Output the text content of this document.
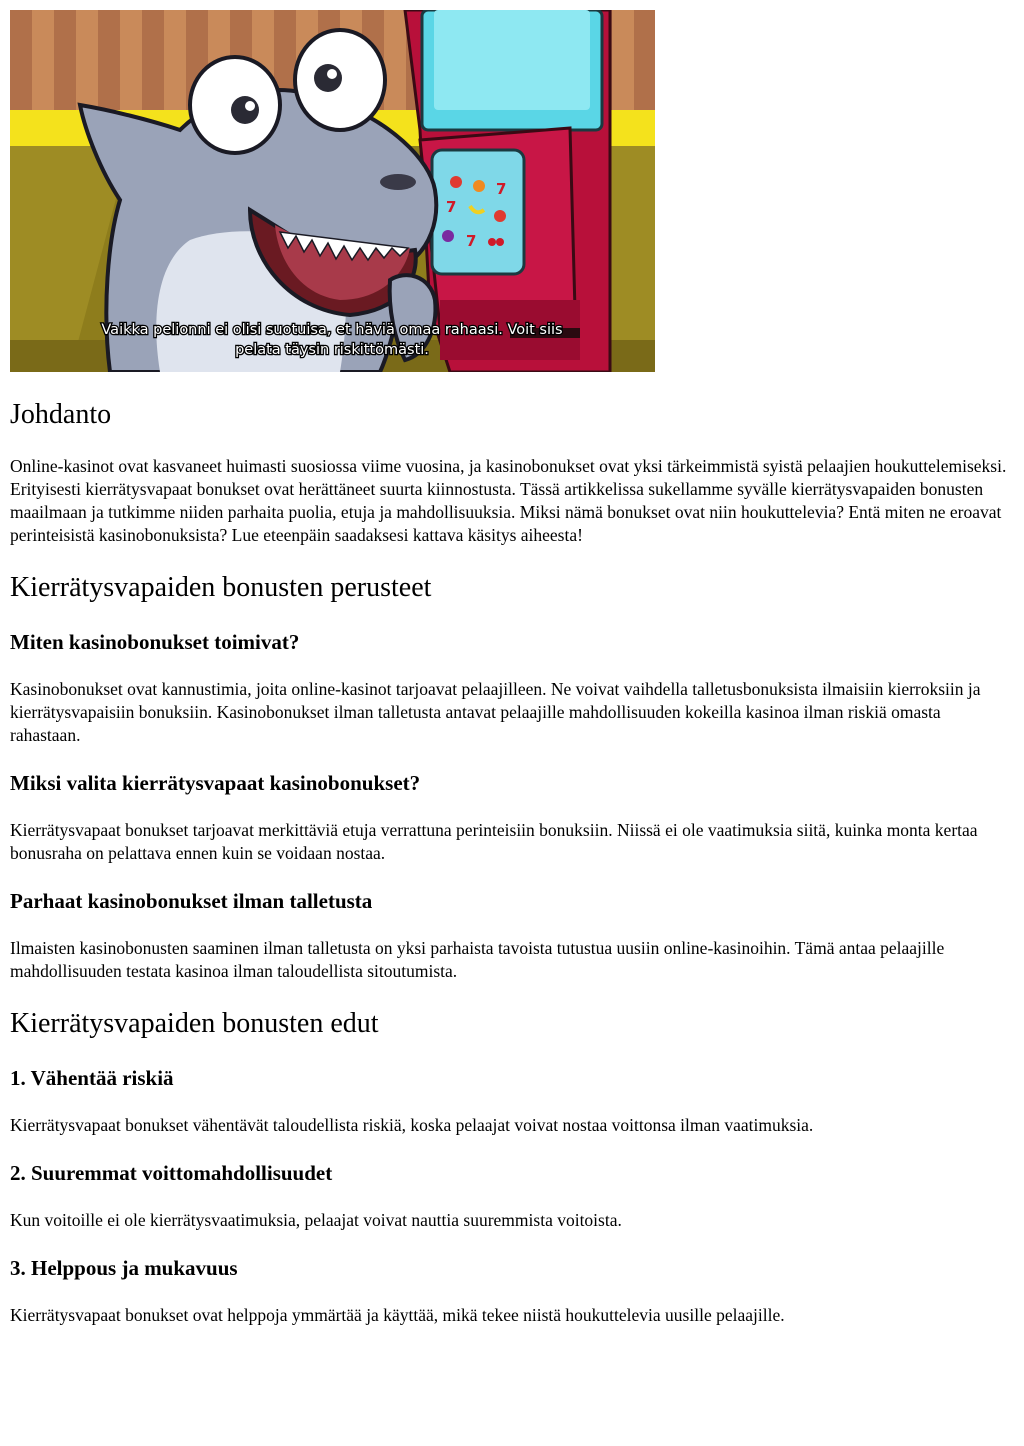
7
7
7
Vaikka pelionni ei olisi suotuisa, et häviä omaa rahaasi. Voit siis
pelata täysin riskittömästi.
Johdanto

Online-kasinot ovat kasvaneet huimasti suosiossa viime vuosina, ja kasinobonukset ovat yksi tärkeimmistä syistä pelaajien houkuttelemiseksi. Erityisesti kierrätysvapaat bonukset ovat herättäneet suurta kiinnostusta. Tässä artikkelissa sukellamme syvälle kierrätysvapaiden bonusten maailmaan ja tutkimme niiden parhaita puolia, etuja ja mahdollisuuksia. Miksi nämä bonukset ovat niin houkuttelevia? Entä miten ne eroavat perinteisistä kasinobonuksista? Lue eteenpäin saadaksesi kattava käsitys aiheesta!

Kierrätysvapaiden bonusten perusteet
Miten kasinobonukset toimivat?

Kasinobonukset ovat kannustimia, joita online-kasinot tarjoavat pelaajilleen. Ne voivat vaihdella talletusbonuksista ilmaisiin kierroksiin ja kierrätysvapaisiin bonuksiin. Kasinobonukset ilman talletusta antavat pelaajille mahdollisuuden kokeilla kasinoa ilman riskiä omasta rahastaan.

Miksi valita kierrätysvapaat kasinobonukset?

Kierrätysvapaat bonukset tarjoavat merkittäviä etuja verrattuna perinteisiin bonuksiin. Niissä ei ole vaatimuksia siitä, kuinka monta kertaa bonusraha on pelattava ennen kuin se voidaan nostaa.

Parhaat kasinobonukset ilman talletusta

Ilmaisten kasinobonusten saaminen ilman talletusta on yksi parhaista tavoista tutustua uusiin online-kasinoihin. Tämä antaa pelaajille mahdollisuuden testata kasinoa ilman taloudellista sitoutumista.

Kierrätysvapaiden bonusten edut
1. Vähentää riskiä

Kierrätysvapaat bonukset vähentävät taloudellista riskiä, koska pelaajat voivat nostaa voittonsa ilman vaatimuksia.

2. Suuremmat voittomahdollisuudet

Kun voitoille ei ole kierrätysvaatimuksia, pelaajat voivat nauttia suuremmista voitoista.

3. Helppous ja mukavuus

Kierrätysvapaat bonukset ovat helppoja ymmärtää ja käyttää, mikä tekee niistä houkuttelevia uusille pelaajille.
